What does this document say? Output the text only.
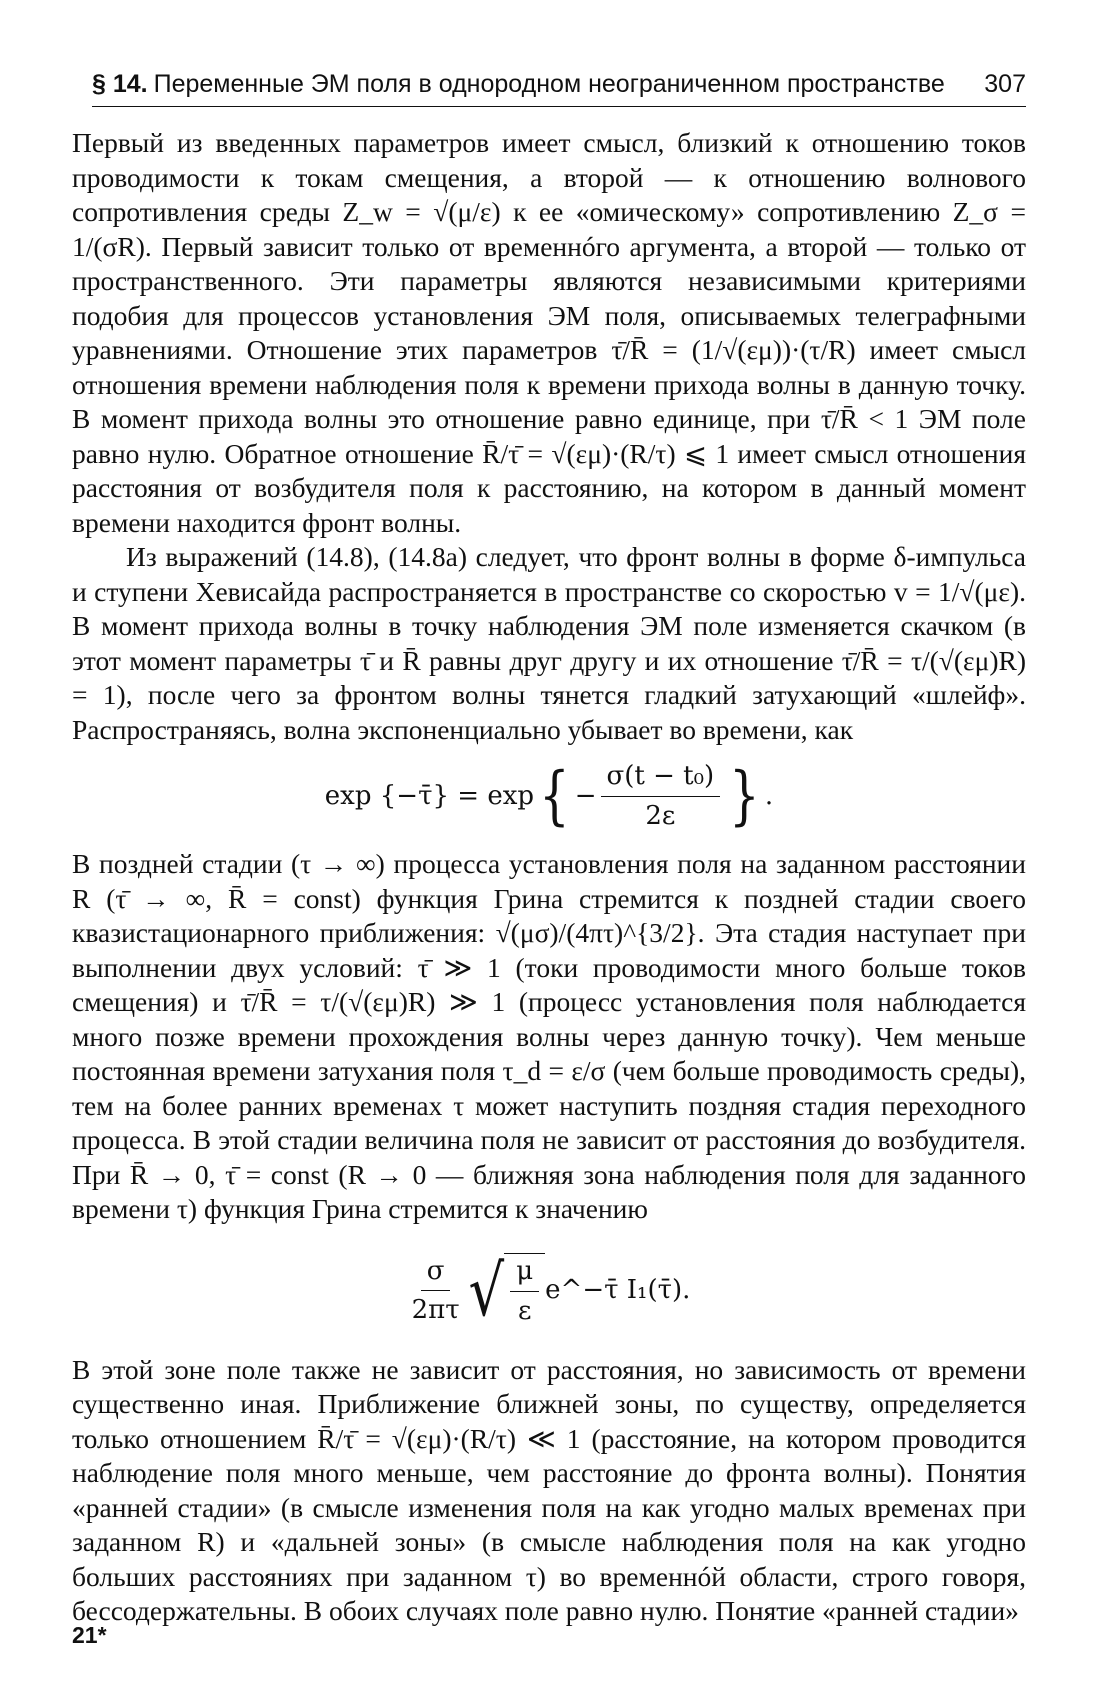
§ 14. Переменные ЭМ поля в однородном неограниченном пространстве 307

Первый из введенных параметров имеет смысл, близкий к отношению токов проводимости к токам смещения, а второй — к отношению волнового сопротивления среды Z_w = √(μ/ε) к ее «омическому» сопротивлению Z_σ = 1/(σR). Первый зависит только от временнóго аргумента, а второй — только от пространственного. Эти параметры являются независимыми критериями подобия для процессов установления ЭМ поля, описываемых телеграфными уравнениями. Отношение этих параметров τ̄/R̄ = (1/√(εμ))·(τ/R) имеет смысл отношения времени наблюдения поля к времени прихода волны в данную точку. В момент прихода волны это отношение равно единице, при τ̄/R̄ < 1 ЭМ поле равно нулю. Обратное отношение R̄/τ̄ = √(εμ)·(R/τ) ⩽ 1 имеет смысл отношения расстояния от возбудителя поля к расстоянию, на котором в данный момент времени находится фронт волны.

Из выражений (14.8), (14.8а) следует, что фронт волны в форме δ-импульса и ступени Хевисайда распространяется в пространстве со скоростью v = 1/√(με). В момент прихода волны в точку наблюдения ЭМ поле изменяется скачком (в этот момент параметры τ̄ и R̄ равны друг другу и их отношение τ̄/R̄ = τ/(√(εμ)R) = 1), после чего за фронтом волны тянется гладкий затухающий «шлейф». Распространяясь, волна экспоненциально убывает во времени, как

exp {−τ̄} = exp { − $\frac{\text{σ(t − t₀)}}{2\varepsilon}$ } .

В поздней стадии (τ → ∞) процесса установления поля на заданном расстоянии R (τ̄ → ∞, R̄ = const) функция Грина стремится к поздней стадии своего квазистационарного приближения: √(μσ)/(4πτ)^{3/2}. Эта стадия наступает при выполнении двух условий: τ̄ ≫ 1 (токи проводимости много больше токов смещения) и τ̄/R̄ = τ/(√(εμ)R) ≫ 1 (процесс установления поля наблюдается много позже времени прохождения волны через данную точку). Чем меньше постоянная времени затухания поля τ_d = ε/σ (чем больше проводимость среды), тем на более ранних временах τ может наступить поздняя стадия переходного процесса. В этой стадии величина поля не зависит от расстояния до возбудителя. При R̄ → 0, τ̄ = const (R → 0 — ближняя зона наблюдения поля для заданного времени τ) функция Грина стремится к значению

$\frac{\sigma}{2\pi\tau}$ √ $\frac{\mu}{\varepsilon}$ e^−τ̄ I₁(τ̄).

В этой зоне поле также не зависит от расстояния, но зависимость от времени существенно иная. Приближение ближней зоны, по существу, определяется только отношением R̄/τ̄ = √(εμ)·(R/τ) ≪ 1 (расстояние, на котором проводится наблюдение поля много меньше, чем расстояние до фронта волны). Понятия «ранней стадии» (в смысле изменения поля на как угодно малых временах при заданном R) и «дальней зоны» (в смысле наблюдения поля на как угодно больших расстояниях при заданном τ) во временнóй области, строго говоря, бессодержательны. В обоих случаях поле равно нулю. Понятие «ранней стадии»

21*
